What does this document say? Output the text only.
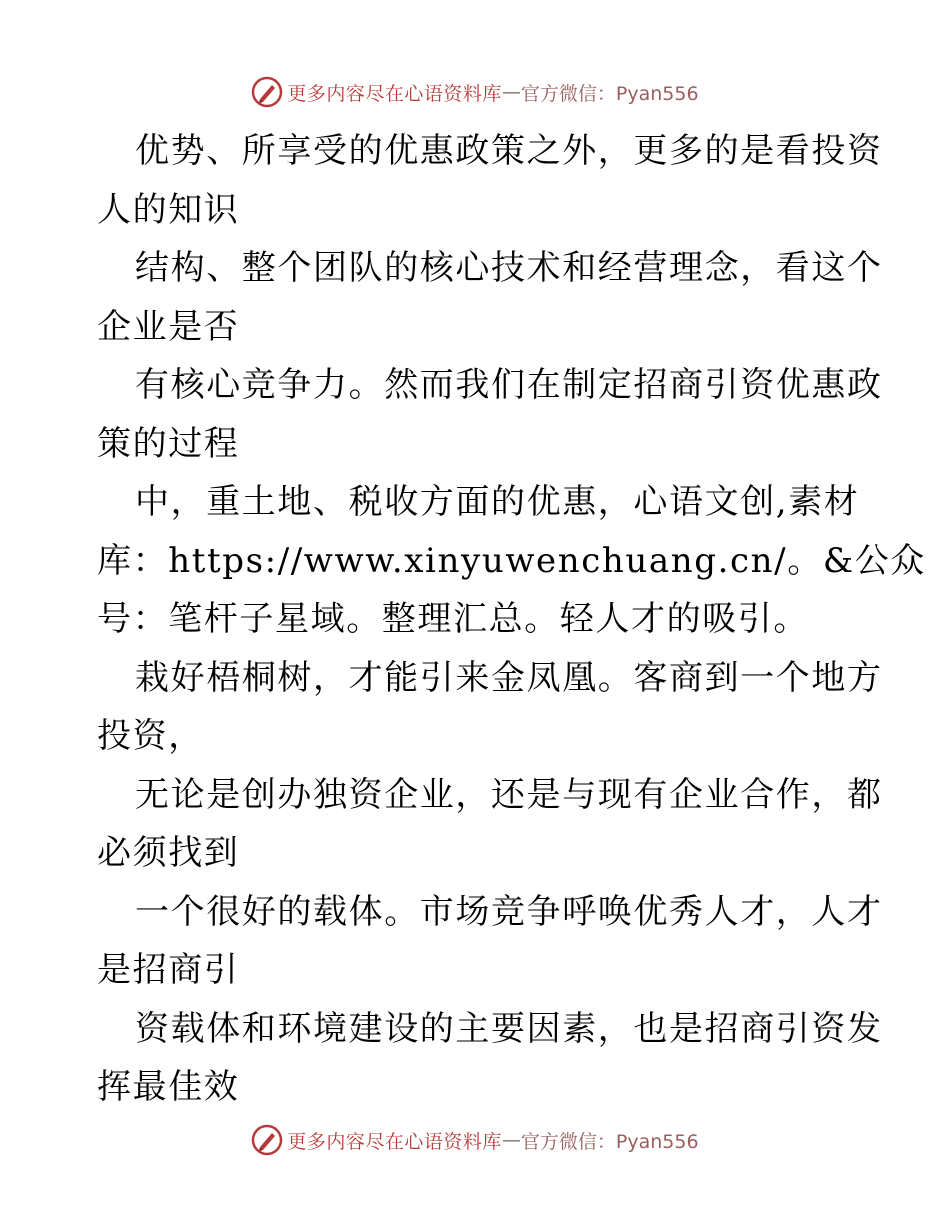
更多内容尽在心语资料库 — 官方微信：Pyan556
优势、所享受的优惠政策之外，更多的是看投资
人的知识
结构、整个团队的核心技术和经营理念，看这个
企业是否
有核心竞争力。然而我们在制定招商引资优惠政
策的过程
中，重土地、税收方面的优惠，心语文创,素材
库：https://www.xinyuwenchuang.cn/。&公众
号：笔杆子星域。整理汇总。轻人才的吸引。
栽好梧桐树，才能引来金凤凰。客商到一个地方
投资，
无论是创办独资企业，还是与现有企业合作，都
必须找到
一个很好的载体。市场竞争呼唤优秀人才，人才
是招商引
资载体和环境建设的主要因素，也是招商引资发
挥最佳效
更多内容尽在心语资料库 — 官方微信：Pyan556
